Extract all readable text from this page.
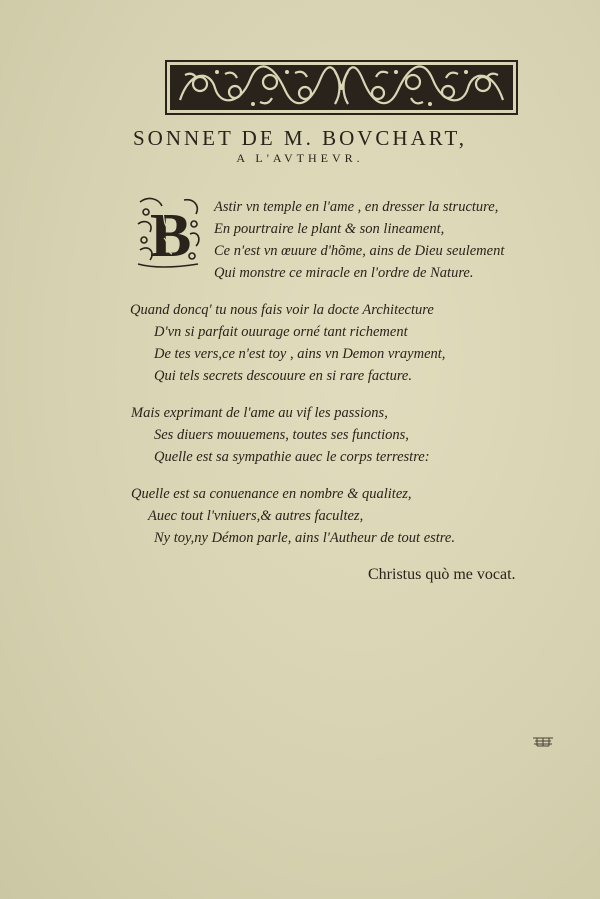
SONNET DE M. BOVCHART,
A L'AVTHEVR.
B Astir vn temple en l'ame , en dresser la structure,
En pourtraire le plant & son lineament,
Ce n'est vn œuure d'hõme, ains de Dieu seulement
Qui monstre ce miracle en l'ordre de Nature.
Quand doncq' tu nous fais voir la docte Architecture
D'vn si parfait ouurage orné tant richement
De tes vers,ce n'est toy , ains vn Demon vrayment,
Qui tels secrets descouure en si rare facture.
Mais exprimant de l'ame au vif les passions,
Ses diuers mouuemens, toutes ses functions,
Quelle est sa sympathie auec le corps terrestre:
Quelle est sa conuenance en nombre & qualitez,
Auec tout l'vniuers,& autres facultez,
Ny toy,ny Démon parle, ains l'Autheur de tout estre.
Christus quò me vocat.
